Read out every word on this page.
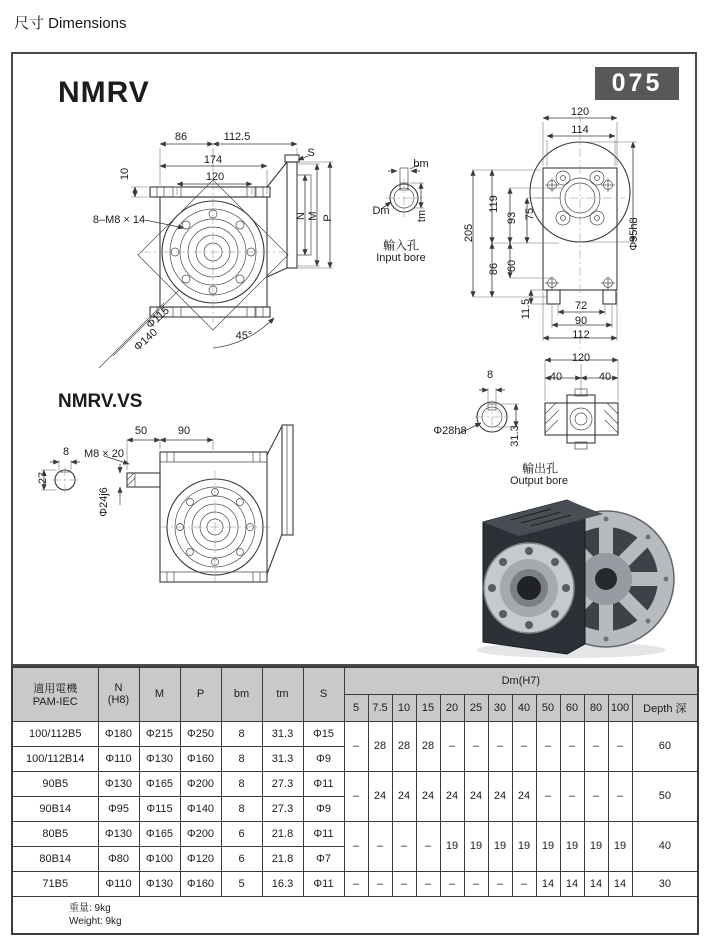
尺寸 Dimensions
NMRV
NMRV.VS
075
86	112.5
174
120
10
8–M8 × 14
Φ115
Φ140	45°
S
N M P
bm
Dm tm
輸入孔
Input bore
120
114
205
119
86
93 75
60
11.5
Φ95h8
72
90
112
120
40	40
8
Φ28h8	31.3
輸出孔
Output bore
50	90
8
27
M8 × 20
Φ24j6
適用電機
PAM-IEC

N
(H8)	M	P	bm	tm	S	Dm(H7)
							5	7.5	10	15	20	25	30	40	50	60	80	100	Depth 深
100/112B5	Φ180	Φ215	Φ250	8	31.3	Φ15	–	28	28	28	–	–	–	–	–	–	–	–	60
100/112B14	Φ110	Φ130	Φ160	8	31.3	Φ9													
90B5	Φ130	Φ165	Φ200	8	27.3	Φ11	–	24	24	24	24	24	24	24	–	–	–	–	50
90B14	Φ95	Φ115	Φ140	8	27.3	Φ9													
80B5	Φ130	Φ165	Φ200	6	21.8	Φ11	–	–	–	–	19	19	19	19	19	19	19	19	40
80B14	Φ80	Φ100	Φ120	6	21.8	Φ7													
71B5	Φ110	Φ130	Φ160	5	16.3	Φ11	–	–	–	–	–	–	–	–	14	14	14	14	30

重量: 9kg
Weight: 9kg																			
